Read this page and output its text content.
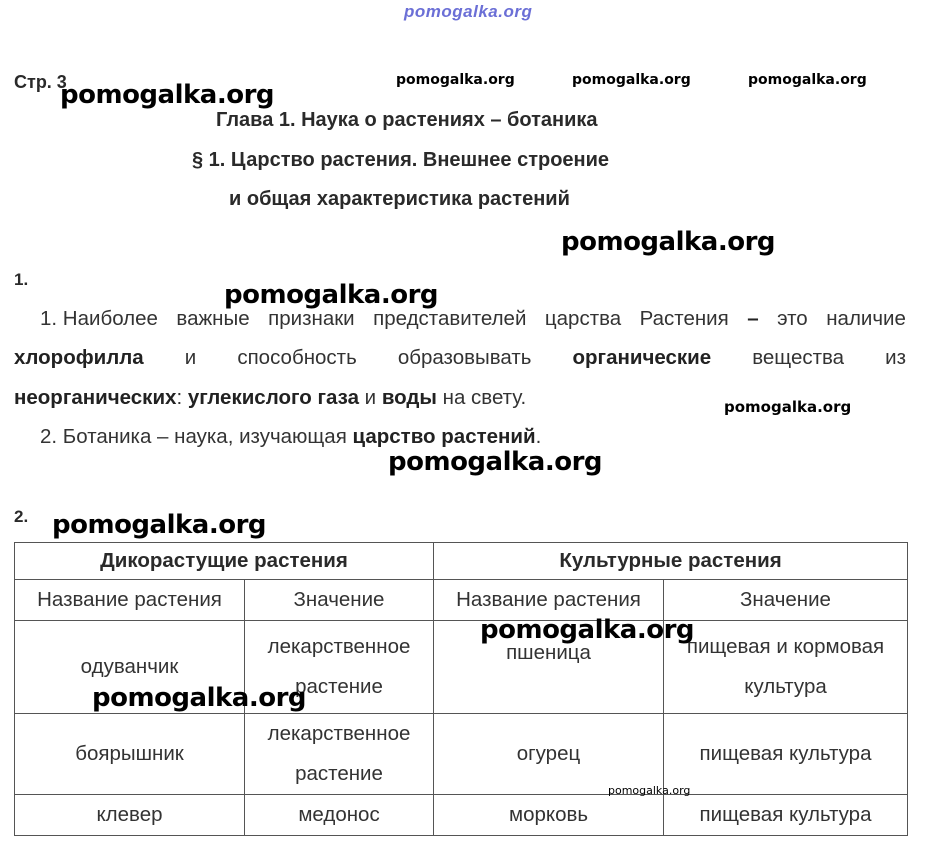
pomogalka.org
Стр. 3	pomogalka.org	pomogalka.org	pomogalka.org
pomogalka.org
Глава 1. Наука о растениях – ботаника
§ 1. Царство растения. Внешнее строение
и общая характеристика растений
pomogalka.org
1.
pomogalka.org
1. Наиболее важные признаки представителей царства Растения – это наличие
хлорофилла и способность образовывать органические вещества из
неорганических: углекислого газа и воды на свету.	pomogalka.org
2. Ботаника – наука, изучающая царство растений.
pomogalka.org
2. pomogalka.org
Дикорастущие растения		Культурные растения	
Название растения	Значение	Название растения	Значение
одуванчик	лекарственное растение	пшеница	пищевая и кормовая культура
боярышник	лекарственное растение	огурец	пищевая культура
клевер	медонос	морковь	пищевая культура
pomogalka.org
pomogalka.org
pomogalka.org
